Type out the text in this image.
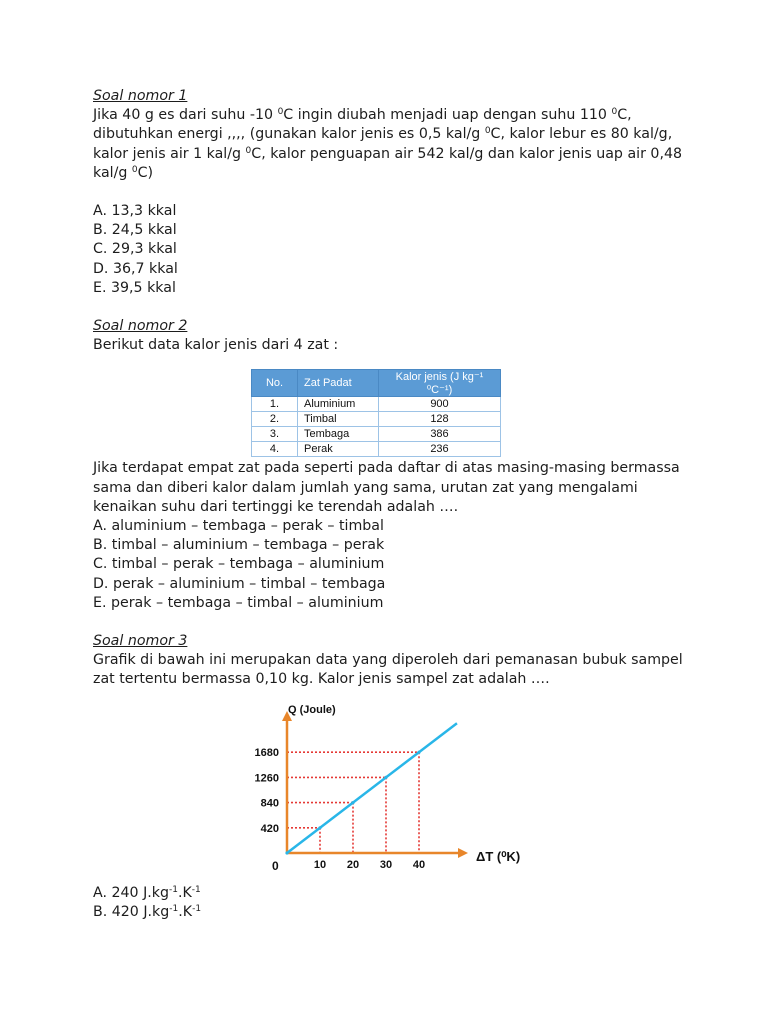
Soal nomor 1

Jika 40 g es dari suhu -10 $^0$C ingin diubah menjadi uap dengan suhu 110 $^0$C,

dibutuhkan energi ,,,, (gunakan kalor jenis es 0,5 kal/g $^0$C, kalor lebur es 80 kal/g,

kalor jenis air 1 kal/g $^0$C, kalor penguapan air 542 kal/g dan kalor jenis uap air 0,48

kal/g $^0$C)

A. 13,3 kkal

B. 24,5 kkal

C. 29,3 kkal

D. 36,7 kkal

E. 39,5 kkal

Soal nomor 2

Berikut data kalor jenis dari 4 zat :

Jika terdapat empat zat pada seperti pada daftar di atas masing-masing bermassa

sama dan diberi kalor dalam jumlah yang sama, urutan zat yang mengalami

kenaikan suhu dari tertinggi ke terendah adalah ….

A. aluminium – tembaga – perak – timbal

B. timbal – aluminium – tembaga – perak

C. timbal – perak – tembaga – aluminium

D. perak – aluminium – timbal – tembaga

E. perak – tembaga – timbal – aluminium

Soal nomor 3

Grafik di bawah ini merupakan data yang diperoleh dari pemanasan bubuk sampel

zat tertentu bermassa 0,10 kg. Kalor jenis sampel zat adalah ….

No.	Zat Padat	Kalor jenis (J kg⁻¹ ⁰C⁻¹)
1.	Aluminium	900
2.	Timbal	128
3.	Tembaga	386
4.	Perak	236
Q (Joule)
ΔT (⁰K)
0
420
840
1260
1680
10 20 30 40

A. 240 $J.kg^{-1}.K^{-1}$

B. 420 $J.kg^{-1}.K^{-1}$
